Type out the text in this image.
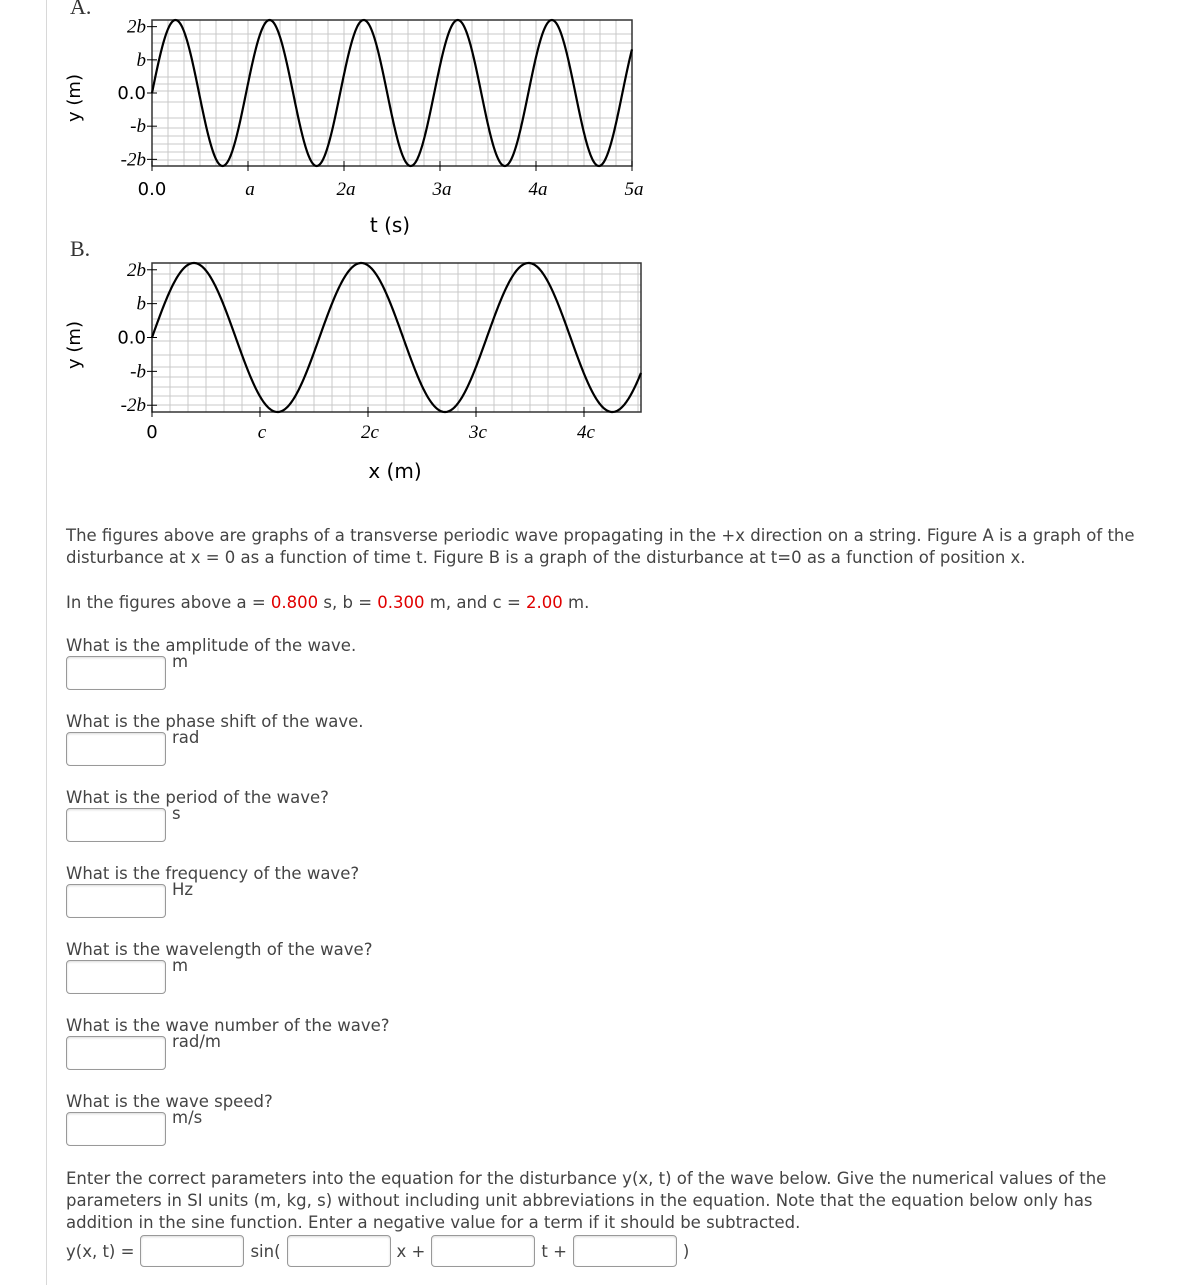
A.
y (m)
2b
b
0.0
-b
-2b
0.0	a	2a	3a	4a	5a
t (s)
B.
y (m)
2b
b
0.0
-b
-2b
0	c	2c	3c	4c
x (m)
The figures above are graphs of a transverse periodic wave propagating in the +x direction on a string. Figure A is a graph of the
disturbance at x = 0 as a function of time t. Figure B is a graph of the disturbance at t=0 as a function of position x.
In the figures above a = 0.800 s, b = 0.300 m, and c = 2.00 m.
What is the amplitude of the wave.
m
What is the phase shift of the wave.
rad
What is the period of the wave?
s
What is the frequency of the wave?
Hz
What is the wavelength of the wave?
m
What is the wave number of the wave?
rad/m
What is the wave speed?
m/s
Enter the correct parameters into the equation for the disturbance y(x, t) of the wave below. Give the numerical values of the
parameters in SI units (m, kg, s) without including unit abbreviations in the equation. Note that the equation below only has
addition in the sine function. Enter a negative value for a term if it should be subtracted.
y(x, t) =	sin(	x +	t +	)
